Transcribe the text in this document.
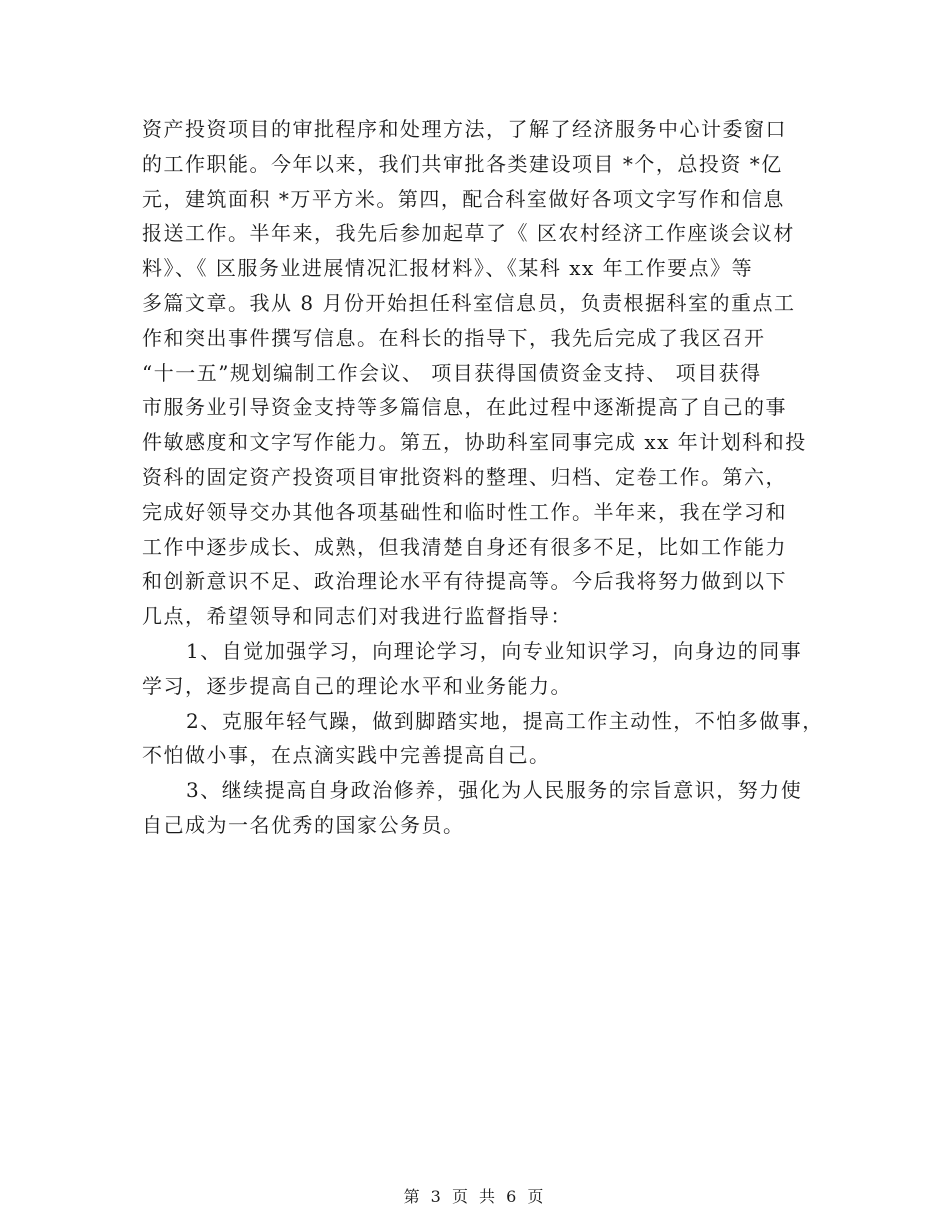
资产投资项目的审批程序和处理方法，了解了经济服务中心计委窗口
的工作职能。今年以来，我们共审批各类建设项目 *个，总投资 *亿
元，建筑面积 *万平方米。第四，配合科室做好各项文字写作和信息
报送工作。半年来，我先后参加起草了《 区农村经济工作座谈会议材
料》、《 区服务业进展情况汇报材料》、《某科 xx 年工作要点》等
多篇文章。我从 8 月份开始担任科室信息员，负责根据科室的重点工
作和突出事件撰写信息。在科长的指导下，我先后完成了我区召开
“十一五”规划编制工作会议、 项目获得国债资金支持、 项目获得
市服务业引导资金支持等多篇信息，在此过程中逐渐提高了自己的事
件敏感度和文字写作能力。第五，协助科室同事完成 xx 年计划科和投
资科的固定资产投资项目审批资料的整理、归档、定卷工作。第六，
完成好领导交办其他各项基础性和临时性工作。半年来，我在学习和
工作中逐步成长、成熟，但我清楚自身还有很多不足，比如工作能力
和创新意识不足、政治理论水平有待提高等。今后我将努力做到以下
几点，希望领导和同志们对我进行监督指导：
1、自觉加强学习，向理论学习，向专业知识学习，向身边的同事
学习，逐步提高自己的理论水平和业务能力。
2、克服年轻气躁，做到脚踏实地，提高工作主动性，不怕多做事，
不怕做小事，在点滴实践中完善提高自己。
3、继续提高自身政治修养，强化为人民服务的宗旨意识，努力使
自己成为一名优秀的国家公务员。
第 3 页 共 6 页
